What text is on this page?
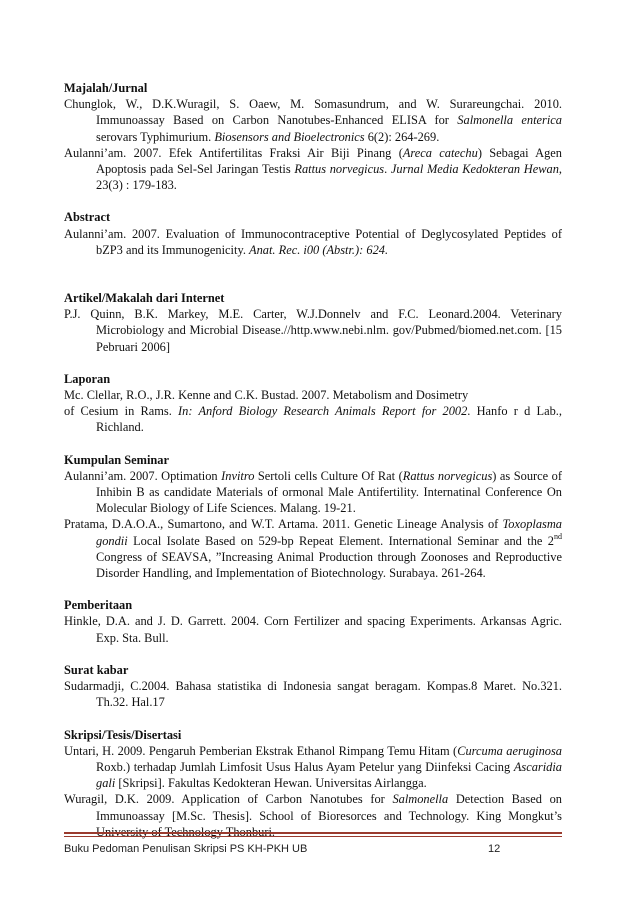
Majalah/Jurnal

Chunglok, W., D.K.Wuragil, S. Oaew, M. Somasundrum, and W. Surareungchai. 2010. Immunoassay Based on Carbon Nanotubes-Enhanced ELISA for Salmonella enterica serovars Typhimurium. Biosensors and Bioelectronics 6(2): 264-269.

Aulanni’am. 2007. Efek Antifertilitas Fraksi Air Biji Pinang (Areca catechu) Sebagai Agen Apoptosis pada Sel-Sel Jaringan Testis Rattus norvegicus. Jurnal Media Kedokteran Hewan, 23(3) : 179-183.

Abstract

Aulanni’am. 2007. Evaluation of Immunocontraceptive Potential of Deglycosylated Peptides of bZP3 and its Immunogenicity. Anat. Rec. i00 (Abstr.): 624.

Artikel/Makalah dari Internet

P.J. Quinn, B.K. Markey, M.E. Carter, W.J.Donnelv and F.C. Leonard.2004. Veterinary Microbiology and Microbial Disease.//http.www.nebi.nlm. gov/Pubmed/biomed.net.com. [15 Pebruari 2006]

Laporan

Mc. Clellar, R.O., J.R. Kenne and C.K. Bustad. 2007. Metabolism and Dosimetry

of Cesium in Rams. In: Anford Biology Research Animals Report for 2002. Hanfo r d Lab., Richland.

Kumpulan Seminar

Aulanni’am. 2007. Optimation Invitro Sertoli cells Culture Of Rat (Rattus norvegicus) as Source of Inhibin B as candidate Materials of ormonal Male Antifertility. Internatinal Conference On Molecular Biology of Life Sciences. Malang. 19-21.

Pratama, D.A.O.A., Sumartono, and W.T. Artama. 2011. Genetic Lineage Analysis of Toxoplasma gondii Local Isolate Based on 529-bp Repeat Element. International Seminar and the 2nd Congress of SEAVSA, ”Increasing Animal Production through Zoonoses and Reproductive Disorder Handling, and Implementation of Biotechnology. Surabaya. 261-264.

Pemberitaan

Hinkle, D.A. and J. D. Garrett. 2004. Corn Fertilizer and spacing Experiments. Arkansas Agric. Exp. Sta. Bull.

Surat kabar

Sudarmadji, C.2004. Bahasa statistika di Indonesia sangat beragam. Kompas.8 Maret. No.321. Th.32. Hal.17

Skripsi/Tesis/Disertasi

Untari, H. 2009. Pengaruh Pemberian Ekstrak Ethanol Rimpang Temu Hitam (Curcuma aeruginosa Roxb.) terhadap Jumlah Limfosit Usus Halus Ayam Petelur yang Diinfeksi Cacing Ascaridia gali [Skripsi]. Fakultas Kedokteran Hewan. Universitas Airlangga.

Wuragil, D.K. 2009. Application of Carbon Nanotubes for Salmonella Detection Based on Immunoassay [M.Sc. Thesis]. School of Bioresorces and Technology. King Mongkut’s University of Technology Thonburi.

Buku Pedoman Penulisan Skripsi PS KH-PKH UB	12
